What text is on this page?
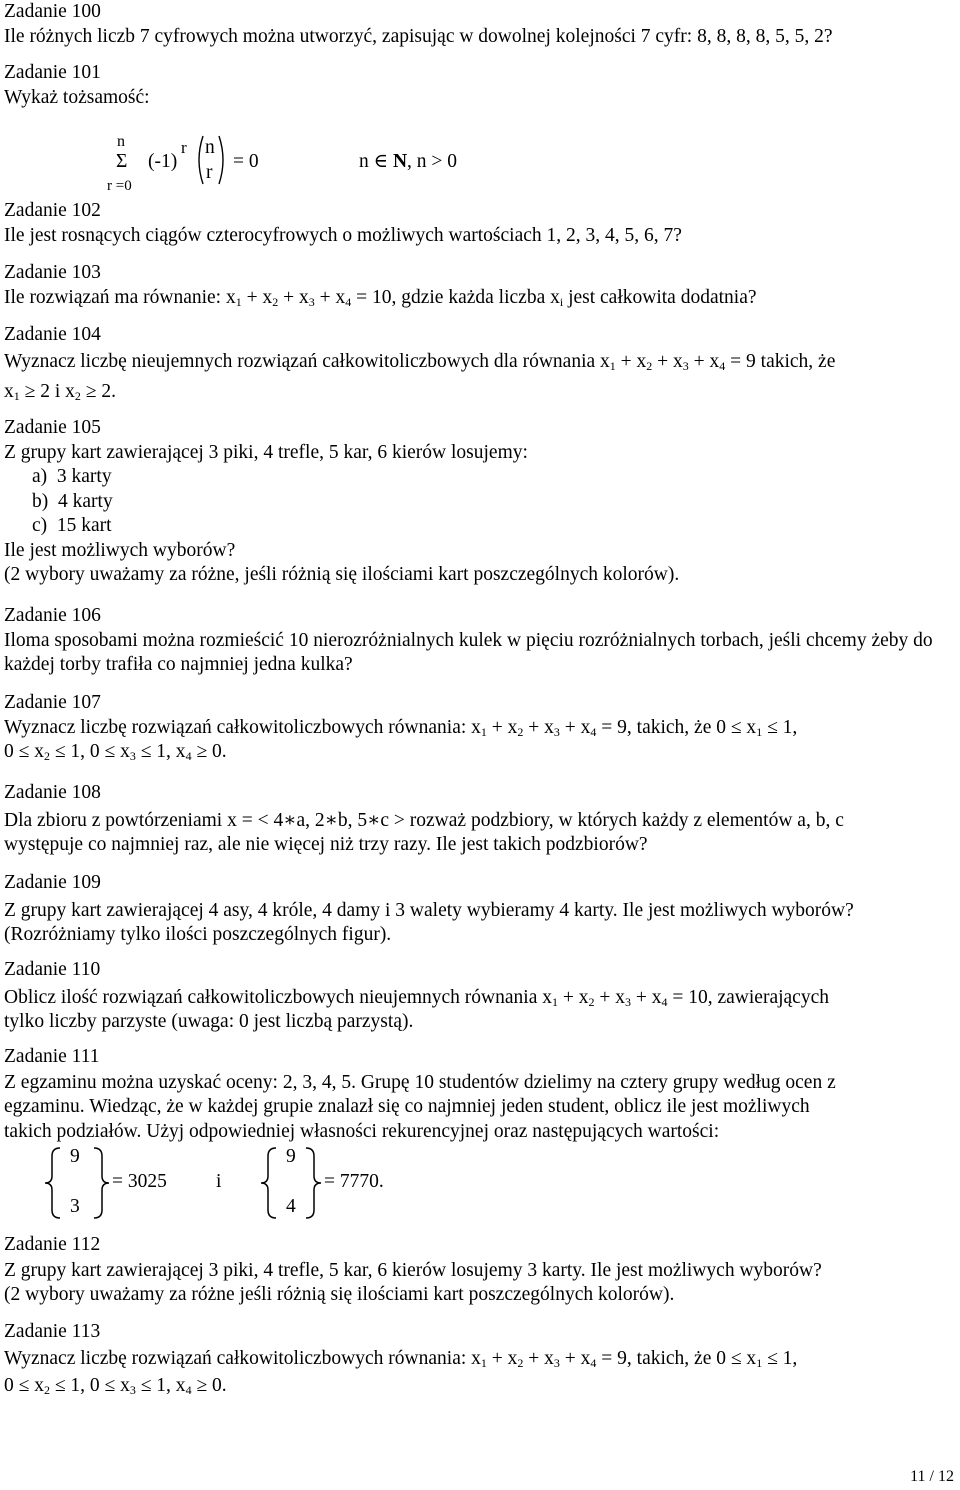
Zadanie 100
Ile różnych liczb 7 cyfrowych można utworzyć, zapisując w dowolnej kolejności 7 cyfr: 8, 8, 8, 8, 5, 5, 2?
Zadanie 101
Wykaż tożsamość:
n
Σ
r =0
(-1)
r n
r
= 0	n ∈ N, n > 0
Zadanie 102
Ile jest rosnących ciągów czterocyfrowych o możliwych wartościach 1, 2, 3, 4, 5, 6, 7?
Zadanie 103
Ile rozwiązań ma równanie: $x_1 + x_2 + x_3 + x_4 = 10$, gdzie każda liczba $x_i$ jest całkowita dodatnia?
Zadanie 104
Wyznacz liczbę nieujemnych rozwiązań całkowitoliczbowych dla równania $x_1 + x_2 + x_3 + x_4 = 9$ takich, że
$x_1 \ge 2$ i $x_2 \ge 2$.
Zadanie 105
Z grupy kart zawierającej 3 piki, 4 trefle, 5 kar, 6 kierów losujemy:
a) 3 karty
b) 4 karty
c) 15 kart
Ile jest możliwych wyborów?
(2 wybory uważamy za różne, jeśli różnią się ilościami kart poszczególnych kolorów).
Zadanie 106
Iloma sposobami można rozmieścić 10 nierozróżnialnych kulek w pięciu rozróżnialnych torbach, jeśli chcemy żeby do każdej torby trafiła co najmniej jedna kulka?
Zadanie 107
Wyznacz liczbę rozwiązań całkowitoliczbowych równania: $x_1 + x_2 + x_3 + x_4 = 9$, takich, że $0 \le x_1 \le 1$,
$0 \le x_2 \le 1$, $0 \le x_3 \le 1$, $x_4 \ge 0$.
Zadanie 108
Dla zbioru z powtórzeniami x = < 4∗a, 2∗b, 5∗c > rozważ podzbiory, w których każdy z elementów a, b, c
występuje co najmniej raz, ale nie więcej niż trzy razy. Ile jest takich podzbiorów?
Zadanie 109
Z grupy kart zawierającej 4 asy, 4 króle, 4 damy i 3 walety wybieramy 4 karty. Ile jest możliwych wyborów?
(Rozróżniamy tylko ilości poszczególnych figur).
Zadanie 110
Oblicz ilość rozwiązań całkowitoliczbowych nieujemnych równania $x_1 + x_2 + x_3 + x_4 = 10$, zawierających
tylko liczby parzyste (uwaga: 0 jest liczbą parzystą).
Zadanie 111
Z egzaminu można uzyskać oceny: 2, 3, 4, 5. Grupę 10 studentów dzielimy na cztery grupy według ocen z
egzaminu. Wiedząc, że w każdej grupie znalazł się co najmniej jeden student, oblicz ile jest możliwych
takich podziałów. Użyj odpowiedniej własności rekurencyjnej oraz następujących wartości:
9
3
= 3025	i
9
4
= 7770.
Zadanie 112
Z grupy kart zawierającej 3 piki, 4 trefle, 5 kar, 6 kierów losujemy 3 karty. Ile jest możliwych wyborów?
(2 wybory uważamy za różne jeśli różnią się ilościami kart poszczególnych kolorów).
Zadanie 113
Wyznacz liczbę rozwiązań całkowitoliczbowych równania: $x_1 + x_2 + x_3 + x_4 = 9$, takich, że $0 \le x_1 \le 1$,
$0 \le x_2 \le 1$, $0 \le x_3 \le 1$, $x_4 \ge 0$.
11 / 12
